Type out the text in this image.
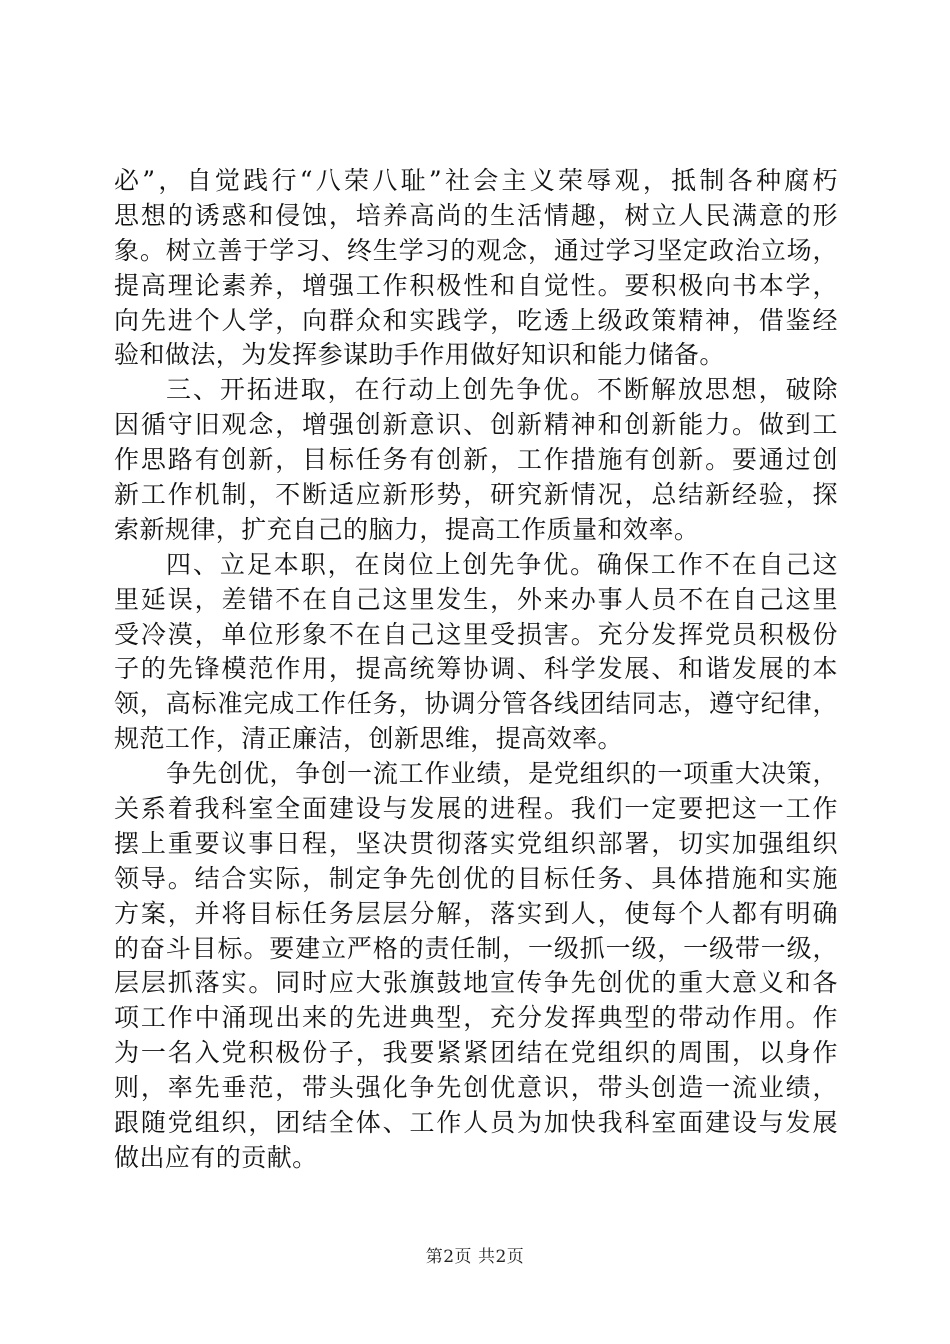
必”，自觉践行“八荣八耻”社会主义荣辱观，抵制各种腐朽
思想的诱惑和侵蚀，培养高尚的生活情趣，树立人民满意的形
象。树立善于学习、终生学习的观念，通过学习坚定政治立场，
提高理论素养，增强工作积极性和自觉性。要积极向书本学，
向先进个人学，向群众和实践学，吃透上级政策精神，借鉴经
验和做法，为发挥参谋助手作用做好知识和能力储备。
三、开拓进取，在行动上创先争优。不断解放思想，破除
因循守旧观念，增强创新意识、创新精神和创新能力。做到工
作思路有创新，目标任务有创新，工作措施有创新。要通过创
新工作机制，不断适应新形势，研究新情况，总结新经验，探
索新规律，扩充自己的脑力，提高工作质量和效率。
四、立足本职，在岗位上创先争优。确保工作不在自己这
里延误，差错不在自己这里发生，外来办事人员不在自己这里
受冷漠，单位形象不在自己这里受损害。充分发挥党员积极份
子的先锋模范作用，提高统筹协调、科学发展、和谐发展的本
领，高标准完成工作任务，协调分管各线团结同志，遵守纪律，
规范工作，清正廉洁，创新思维，提高效率。
争先创优，争创一流工作业绩，是党组织的一项重大决策，
关系着我科室全面建设与发展的进程。我们一定要把这一工作
摆上重要议事日程，坚决贯彻落实党组织部署，切实加强组织
领导。结合实际，制定争先创优的目标任务、具体措施和实施
方案，并将目标任务层层分解，落实到人，使每个人都有明确
的奋斗目标。要建立严格的责任制，一级抓一级，一级带一级，
层层抓落实。同时应大张旗鼓地宣传争先创优的重大意义和各
项工作中涌现出来的先进典型，充分发挥典型的带动作用。作
为一名入党积极份子，我要紧紧团结在党组织的周围，以身作
则，率先垂范，带头强化争先创优意识，带头创造一流业绩，
跟随党组织，团结全体、工作人员为加快我科室面建设与发展
做出应有的贡献。
第2页 共2页
